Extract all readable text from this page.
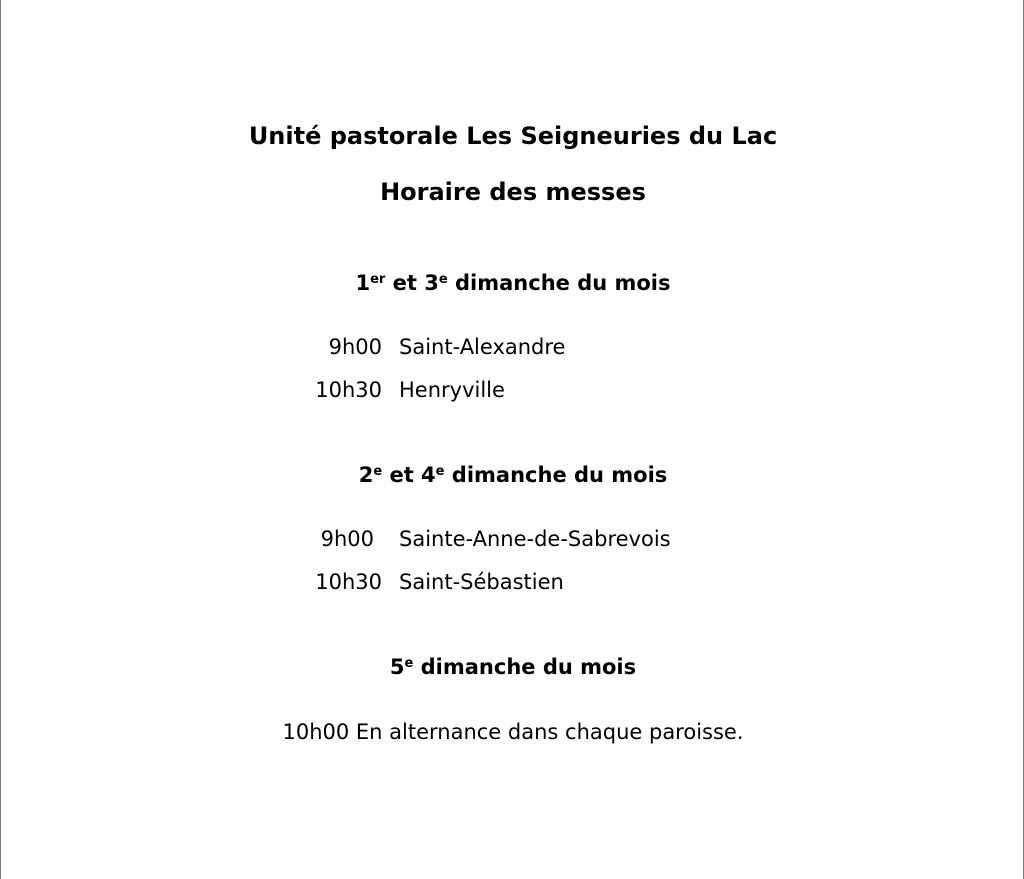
Unité pastorale Les Seigneuries du Lac
Horaire des messes
1er et 3e dimanche du mois
9h00 Saint-Alexandre
10h30 Henryville
2e et 4e dimanche du mois
9h00 Sainte-Anne-de-Sabrevois
10h30 Saint-Sébastien
5e dimanche du mois
10h00 En alternance dans chaque paroisse.
